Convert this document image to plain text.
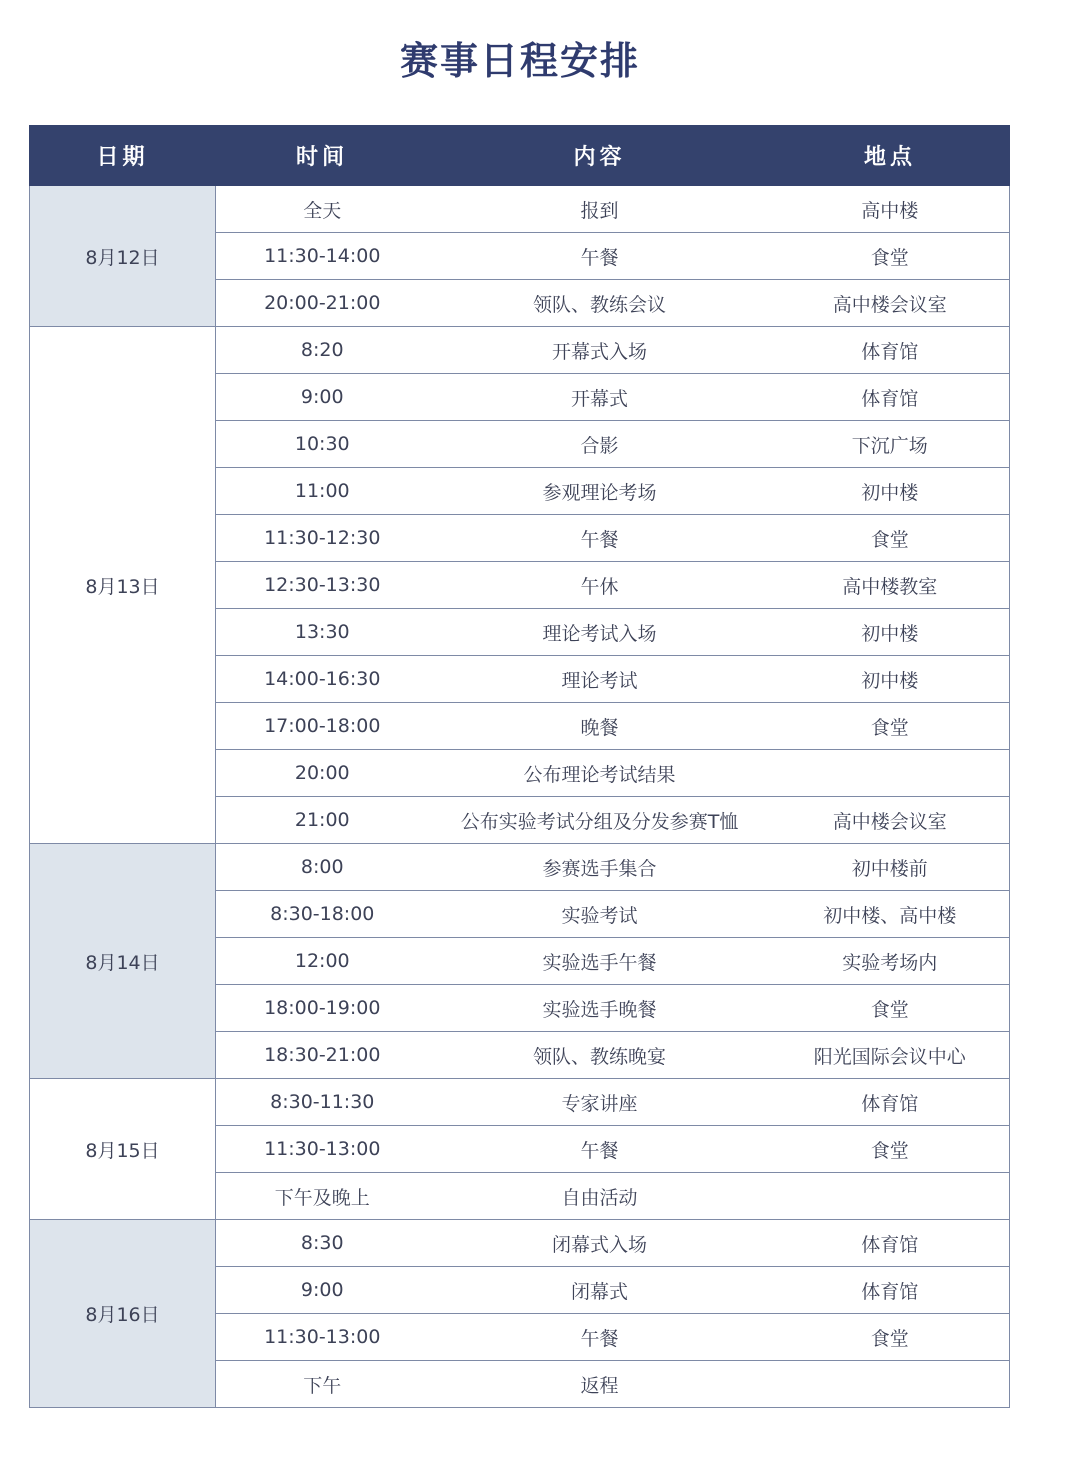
赛事日程安排
日期	时间	内容	地点
8月12日	全天	报到	高中楼
	11:30-14:00	午餐	食堂
	20:00-21:00	领队、教练会议	高中楼会议室
8月13日	8:20	开幕式入场	体育馆
	9:00	开幕式	体育馆
	10:30	合影	下沉广场
	11:00	参观理论考场	初中楼
	11:30-12:30	午餐	食堂
	12:30-13:30	午休	高中楼教室
	13:30	理论考试入场	初中楼
	14:00-16:30	理论考试	初中楼
	17:00-18:00	晚餐	食堂
	20:00	公布理论考试结果	
	21:00	公布实验考试分组及分发参赛T恤	高中楼会议室
8月14日	8:00	参赛选手集合	初中楼前
	8:30-18:00	实验考试	初中楼、高中楼
	12:00	实验选手午餐	实验考场内
	18:00-19:00	实验选手晚餐	食堂
	18:30-21:00	领队、教练晚宴	阳光国际会议中心
8月15日	8:30-11:30	专家讲座	体育馆
	11:30-13:00	午餐	食堂
	下午及晚上	自由活动	
8月16日	8:30	闭幕式入场	体育馆
	9:00	闭幕式	体育馆
	11:30-13:00	午餐	食堂
	下午	返程	
